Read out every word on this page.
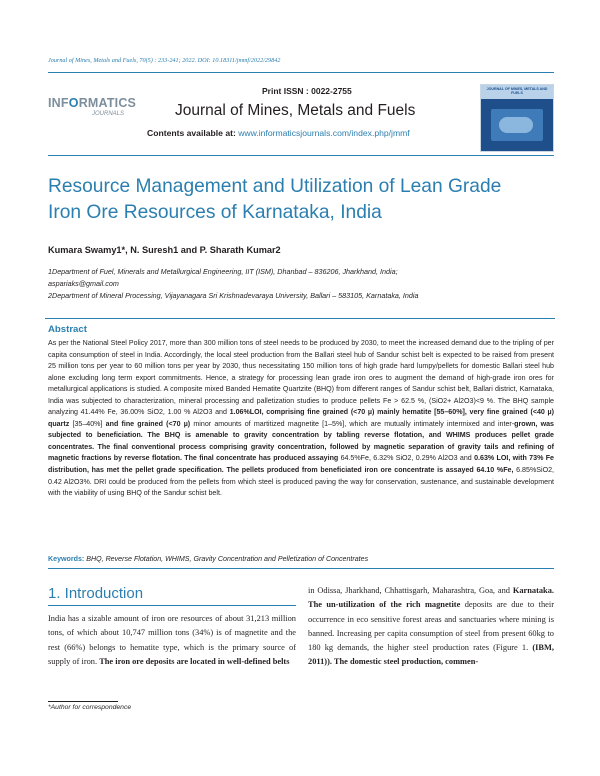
Journal of Mines, Metals and Fuels, 70(5) : 233-241; 2022. DOI: 10.18311/jmmf/2022/29842
INFORMATICS
JOURNALS
Print ISSN : 0022-2755
Journal of Mines, Metals and Fuels
Contents available at: www.informaticsjournals.com/index.php/jmmf
JOURNAL OF MINES, METALS AND FUELS
Resource Management and Utilization of Lean Grade
Iron Ore Resources of Karnataka, India
Kumara Swamy1*, N. Suresh1 and P. Sharath Kumar2
1Department of Fuel, Minerals and Metallurgical Engineering, IIT (ISM), Dhanbad – 836206, Jharkhand, India;
aspariaks@gmail.com
2Department of Mineral Processing, Vijayanagara Sri Krishnadevaraya University, Ballari – 583105, Karnataka, India
Abstract
As per the National Steel Policy 2017, more than 300 million tons of steel needs to be produced by 2030, to meet the increased demand due to the tripling of per capita consumption of steel in India. Accordingly, the local steel production from the Ballari steel hub of Sandur schist belt is expected to be raised from present 25 million tons per year to 60 million tons per year by 2030, thus necessitating 150 million tons of high grade hard lumpy/pellets for domestic Ballari steel hub alone excluding long term export commitments. Hence, a strategy for processing lean grade iron ores to augment the demand of high-grade iron ores for metallurgical applications is studied. A composite mixed Banded Hematite Quartzite (BHQ) from different ranges of Sandur schist belt, Ballari district, Karnataka, India was subjected to characterization, mineral processing and palletization studies to produce pellets Fe > 62.5 %, (SiO2+ Al2O3)<9 %. The BHQ sample analyzing 41.44% Fe, 36.00% SiO2, 1.00 % Al2O3 and 1.06%LOI, comprising fine grained (<70 µ) mainly hematite [55–60%], very fine grained (<40 µ) quartz [35–40%] and fine grained (<70 µ) minor amounts of martitized magnetite [1–5%], which are mutually intimately intermixed and inter-grown, was subjected to beneficiation. The BHQ is amenable to gravity concentration by tabling reverse flotation, and WHIMS produces pellet grade concentrates. The final conventional process comprising gravity concentration, followed by magnetic separation of gravity tails and refining of magnetic fractions by reverse flotation. The final concentrate has produced assaying 64.5%Fe, 6.32% SiO2, 0.29% Al2O3 and 0.63% LOI, with 73% Fe distribution, has met the pellet grade specification. The pellets produced from beneficiated iron ore concentrate is assayed 64.10 %Fe, 6.85%SiO2, 0.42 Al2O3%. DRI could be produced from the pellets from which steel is produced paving the way for conservation, sustenance, and sustainable development with the viability of using BHQ of the Sandur schist belt.
Keywords: BHQ, Reverse Flotation, WHIMS, Gravity Concentration and Pelletization of Concentrates
1. Introduction
India has a sizable amount of iron ore resources of about 31,213 million tons, of which about 10,747 million tons (34%) is of magnetite and the rest (66%) belongs to hematite type, which is the primary source of supply of iron. The iron ore deposits are located in well-defined belts
in Odissa, Jharkhand, Chhattisgarh, Maharashtra, Goa, and Karnataka. The un-utilization of the rich magnetite deposits are due to their occurrence in eco sensitive forest areas and sanctuaries where mining is banned. Increasing per capita consumption of steel from present 60kg to 180 kg demands, the higher steel production rates (Figure 1. (IBM, 2011)). The domestic steel production, commen-
*Author for correspondence
